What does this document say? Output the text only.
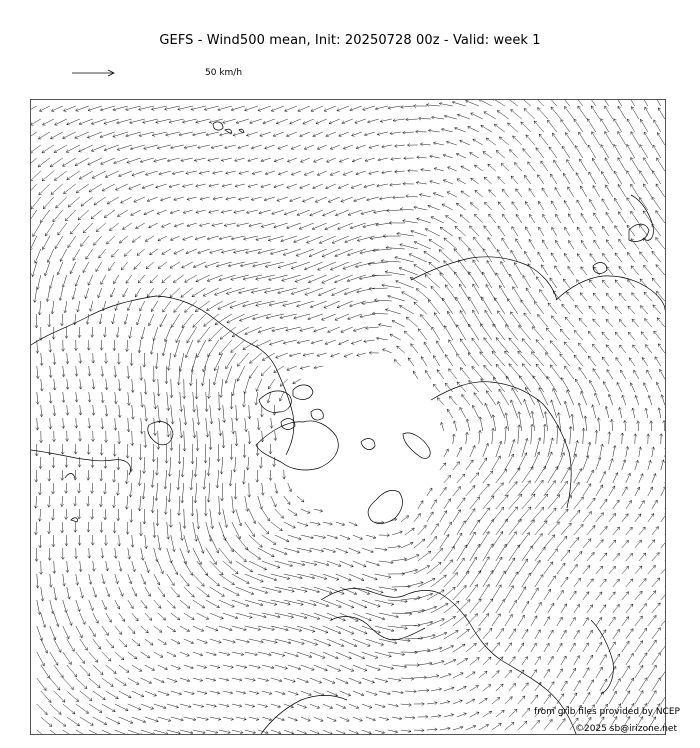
GEFS - Wind500 mean, Init: 20250728 00z - Valid: week 1
50 km/h
from grib files provided by NCEP
©2025 sb@irizone.net
